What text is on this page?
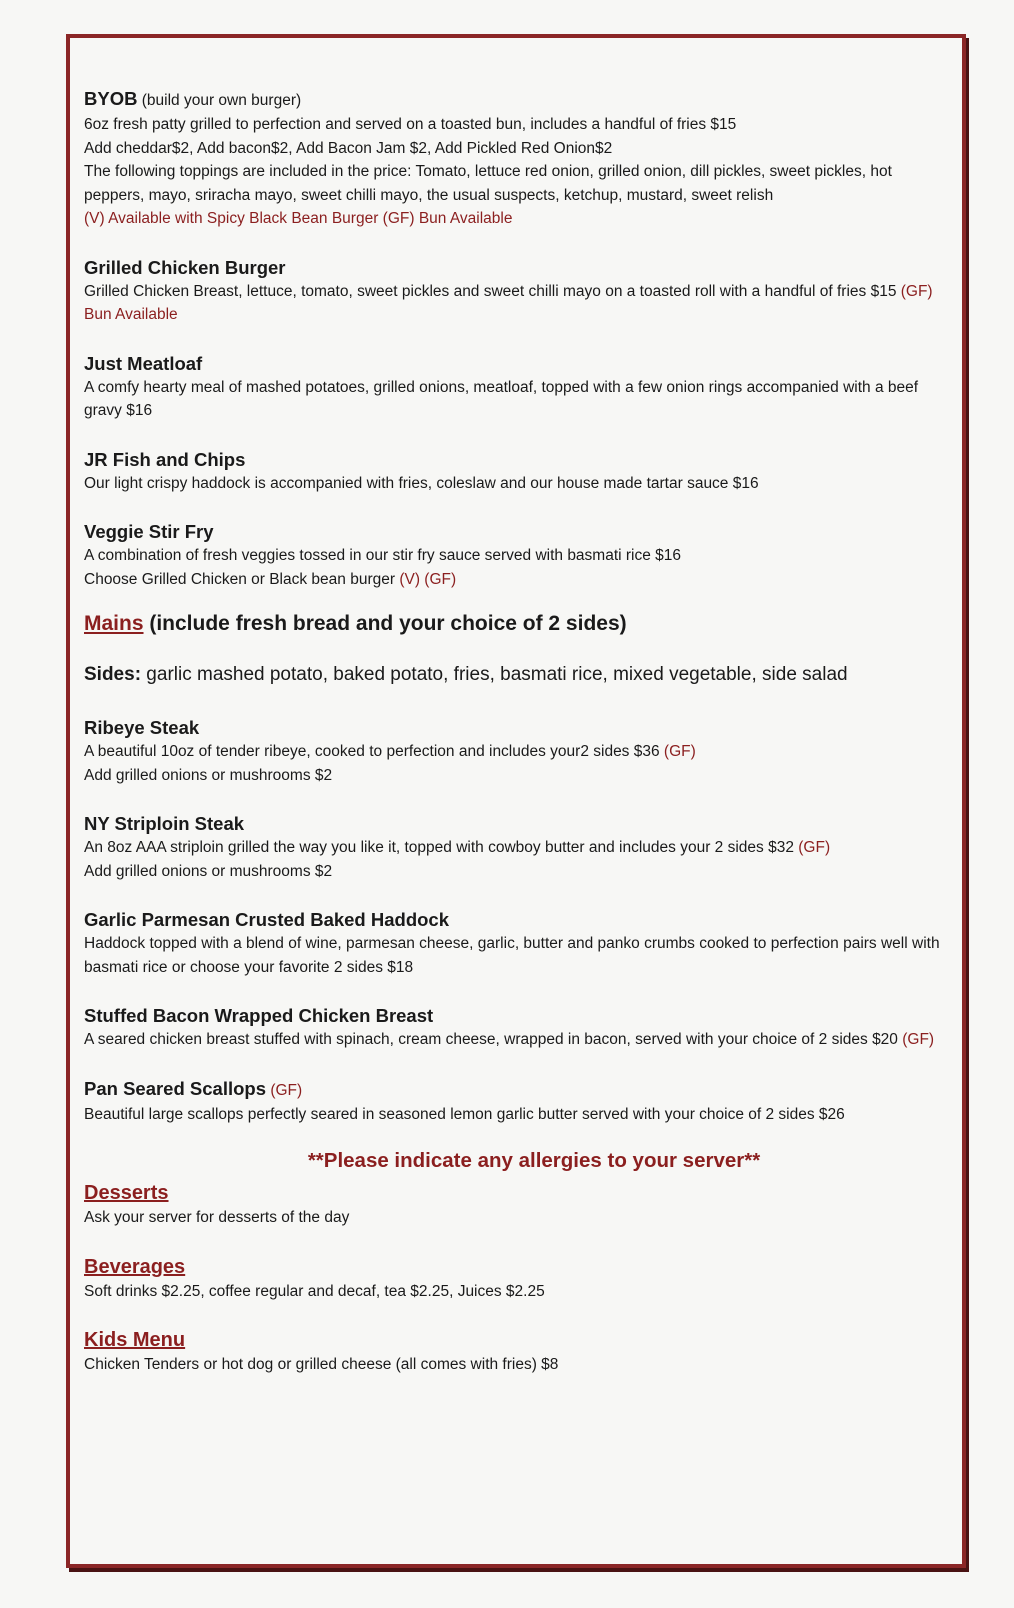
BYOB (build your own burger)
6oz fresh patty grilled to perfection and served on a toasted bun, includes a handful of fries $15
Add cheddar$2, Add bacon$2, Add Bacon Jam $2, Add Pickled Red Onion$2
The following toppings are included in the price: Tomato, lettuce red onion, grilled onion, dill pickles, sweet pickles, hot peppers, mayo, sriracha mayo, sweet chilli mayo, the usual suspects, ketchup, mustard, sweet relish
(V) Available with Spicy Black Bean Burger (GF) Bun Available
Grilled Chicken Burger
Grilled Chicken Breast, lettuce, tomato, sweet pickles and sweet chilli mayo on a toasted roll with a handful of fries $15 (GF) Bun Available
Just Meatloaf
A comfy hearty meal of mashed potatoes, grilled onions, meatloaf, topped with a few onion rings accompanied with a beef gravy $16
JR Fish and Chips
Our light crispy haddock is accompanied with fries, coleslaw and our house made tartar sauce $16
Veggie Stir Fry
A combination of fresh veggies tossed in our stir fry sauce served with basmati rice $16
Choose Grilled Chicken or Black bean burger (V) (GF)
Mains (include fresh bread and your choice of 2 sides)
Sides: garlic mashed potato, baked potato, fries, basmati rice, mixed vegetable, side salad
Ribeye Steak
A beautiful 10oz of tender ribeye, cooked to perfection and includes your2 sides $36 (GF)
Add grilled onions or mushrooms $2
NY Striploin Steak
An 8oz AAA striploin grilled the way you like it, topped with cowboy butter and includes your 2 sides $32 (GF)
Add grilled onions or mushrooms $2
Garlic Parmesan Crusted Baked Haddock
Haddock topped with a blend of wine, parmesan cheese, garlic, butter and panko crumbs cooked to perfection pairs well with basmati rice or choose your favorite 2 sides $18
Stuffed Bacon Wrapped Chicken Breast
A seared chicken breast stuffed with spinach, cream cheese, wrapped in bacon, served with your choice of 2 sides $20 (GF)
Pan Seared Scallops (GF)
Beautiful large scallops perfectly seared in seasoned lemon garlic butter served with your choice of 2 sides $26
**Please indicate any allergies to your server**
Desserts
Ask your server for desserts of the day
Beverages
Soft drinks $2.25, coffee regular and decaf, tea $2.25, Juices $2.25
Kids Menu
Chicken Tenders or hot dog or grilled cheese (all comes with fries) $8
